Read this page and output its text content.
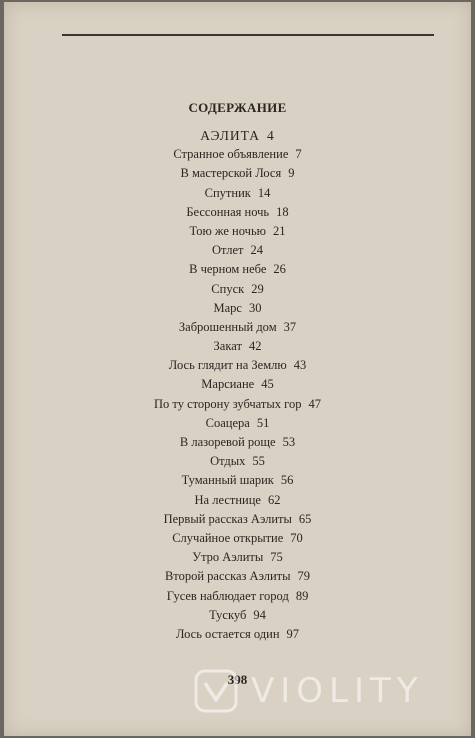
СОДЕРЖАНИЕ
АЭЛИТА 4
Странное объявление 7
В мастерской Лося 9
Спутник 14
Бессонная ночь 18
Тою же ночью 21
Отлет 24
В черном небе 26
Спуск 29
Марс 30
Заброшенный дом 37
Закат 42
Лось глядит на Землю 43
Марсиане 45
По ту сторону зубчатых гор 47
Соацера 51
В лазоревой роще 53
Отдых 55
Туманный шарик 56
На лестнице 62
Первый рассказ Аэлиты 65
Случайное открытие 70
Утро Аэлиты 75
Второй рассказ Аэлиты 79
Гусев наблюдает город 89
Тускуб 94
Лось остается один 97
398 VIOLITY
